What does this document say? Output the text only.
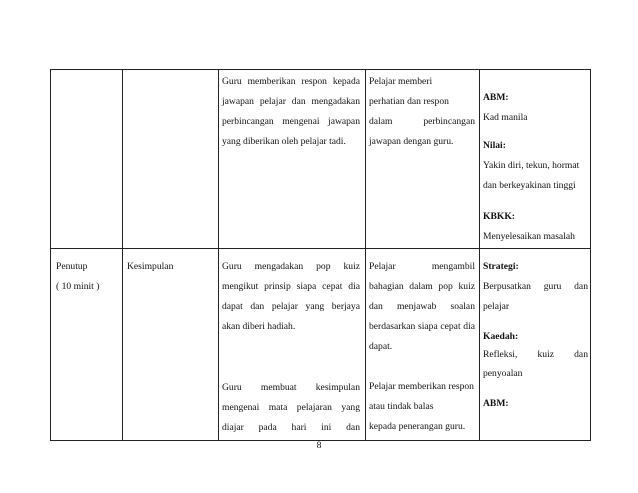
Guru memberikan respon kepada

jawapan pelajar dan mengadakan

perbincangan mengenai jawapan

yang diberikan oleh pelajar tadi.

Pelajar memberi

perhatian dan respon

dalam perbincangan

jawapan dengan guru.

ABM:

Kad manila

Nilai:

Yakin diri, tekun, hormat

dan berkeyakinan tinggi

KBKK:

Menyelesaikan masalah

Penutup

( 10 minit )

Kesimpulan	Guru mengadakan pop kuiz

mengikut prinsip siapa cepat dia

dapat dan pelajar yang berjaya

akan diberi hadiah.

Guru membuat kesimpulan

mengenai mata pelajaran yang

diajar pada hari ini dan

Pelajar mengambil

bahagian dalam pop kuiz

dan menjawab soalan

berdasarkan siapa cepat dia

dapat.

Pelajar memberikan respon

atau tindak balas

kepada penerangan guru.

Strategi:

Berpusatkan guru dan

pelajar

Kaedah:

Refleksi, kuiz dan

penyoalan

ABM:

8
